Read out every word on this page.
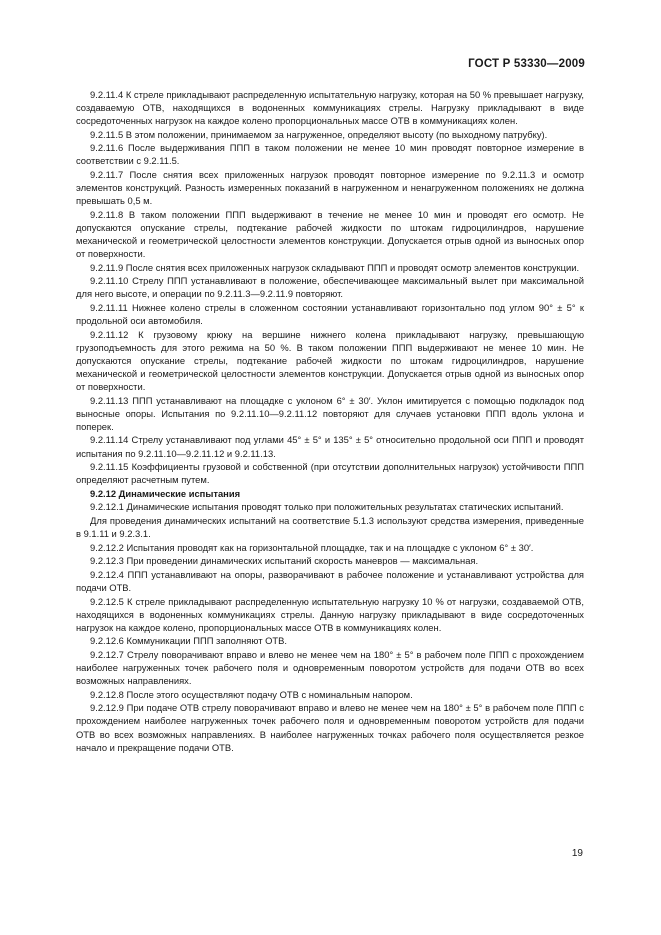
ГОСТ Р 53330—2009

9.2.11.4 К стреле прикладывают распределенную испытательную нагрузку, которая на 50 % превышает нагрузку, создаваемую ОТВ, находящихся в водоненных коммуникациях стрелы. Нагрузку прикладывают в виде сосредоточенных нагрузок на каждое колено пропорциональных массе ОТВ в коммуникациях колен.

9.2.11.5 В этом положении, принимаемом за нагруженное, определяют высоту (по выходному патрубку).

9.2.11.6 После выдерживания ППП в таком положении не менее 10 мин проводят повторное измерение в соответствии с 9.2.11.5.

9.2.11.7 После снятия всех приложенных нагрузок проводят повторное измерение по 9.2.11.3 и осмотр элементов конструкций. Разность измеренных показаний в нагруженном и ненагруженном положениях не должна превышать 0,5 м.

9.2.11.8 В таком положении ППП выдерживают в течение не менее 10 мин и проводят его осмотр. Не допускаются опускание стрелы, подтекание рабочей жидкости по штокам гидроцилиндров, нарушение механической и геометрической целостности элементов конструкции. Допускается отрыв одной из выносных опор от поверхности.

9.2.11.9 После снятия всех приложенных нагрузок складывают ППП и проводят осмотр элементов конструкции.

9.2.11.10 Стрелу ППП устанавливают в положение, обеспечивающее максимальный вылет при максимальной для него высоте, и операции по 9.2.11.3—9.2.11.9 повторяют.

9.2.11.11 Нижнее колено стрелы в сложенном состоянии устанавливают горизонтально под углом 90° ± 5° к продольной оси автомобиля.

9.2.11.12 К грузовому крюку на вершине нижнего колена прикладывают нагрузку, превышающую грузоподъемность для этого режима на 50 %. В таком положении ППП выдерживают не менее 10 мин. Не допускаются опускание стрелы, подтекание рабочей жидкости по штокам гидроцилиндров, нарушение механической и геометрической целостности элементов конструкции. Допускается отрыв одной из выносных опор от поверхности.

9.2.11.13 ППП устанавливают на площадке с уклоном 6° ± 30′. Уклон имитируется с помощью подкладок под выносные опоры. Испытания по 9.2.11.10—9.2.11.12 повторяют для случаев установки ППП вдоль уклона и поперек.

9.2.11.14 Стрелу устанавливают под углами 45° ± 5° и 135° ± 5° относительно продольной оси ППП и проводят испытания по 9.2.11.10—9.2.11.12 и 9.2.11.13.

9.2.11.15 Коэффициенты грузовой и собственной (при отсутствии дополнительных нагрузок) устойчивости ППП определяют расчетным путем.

9.2.12 Динамические испытания

9.2.12.1 Динамические испытания проводят только при положительных результатах статических испытаний.

Для проведения динамических испытаний на соответствие 5.1.3 используют средства измерения, приведенные в 9.1.11 и 9.2.3.1.

9.2.12.2 Испытания проводят как на горизонтальной площадке, так и на площадке с уклоном 6° ± 30′.

9.2.12.3 При проведении динамических испытаний скорость маневров — максимальная.

9.2.12.4 ППП устанавливают на опоры, разворачивают в рабочее положение и устанавливают устройства для подачи ОТВ.

9.2.12.5 К стреле прикладывают распределенную испытательную нагрузку 10 % от нагрузки, создаваемой ОТВ, находящихся в водоненных коммуникациях стрелы. Данную нагрузку прикладывают в виде сосредоточенных нагрузок на каждое колено, пропорциональных массе ОТВ в коммуникациях колен.

9.2.12.6 Коммуникации ППП заполняют ОТВ.

9.2.12.7 Стрелу поворачивают вправо и влево не менее чем на 180° ± 5° в рабочем поле ППП с прохождением наиболее нагруженных точек рабочего поля и одновременным поворотом устройств для подачи ОТВ во всех возможных направлениях.

9.2.12.8 После этого осуществляют подачу ОТВ с номинальным напором.

9.2.12.9 При подаче ОТВ стрелу поворачивают вправо и влево не менее чем на 180° ± 5° в рабочем поле ППП с прохождением наиболее нагруженных точек рабочего поля и одновременным поворотом устройств для подачи ОТВ во всех возможных направлениях. В наиболее нагруженных точках рабочего поля осуществляется резкое начало и прекращение подачи ОТВ.

19
